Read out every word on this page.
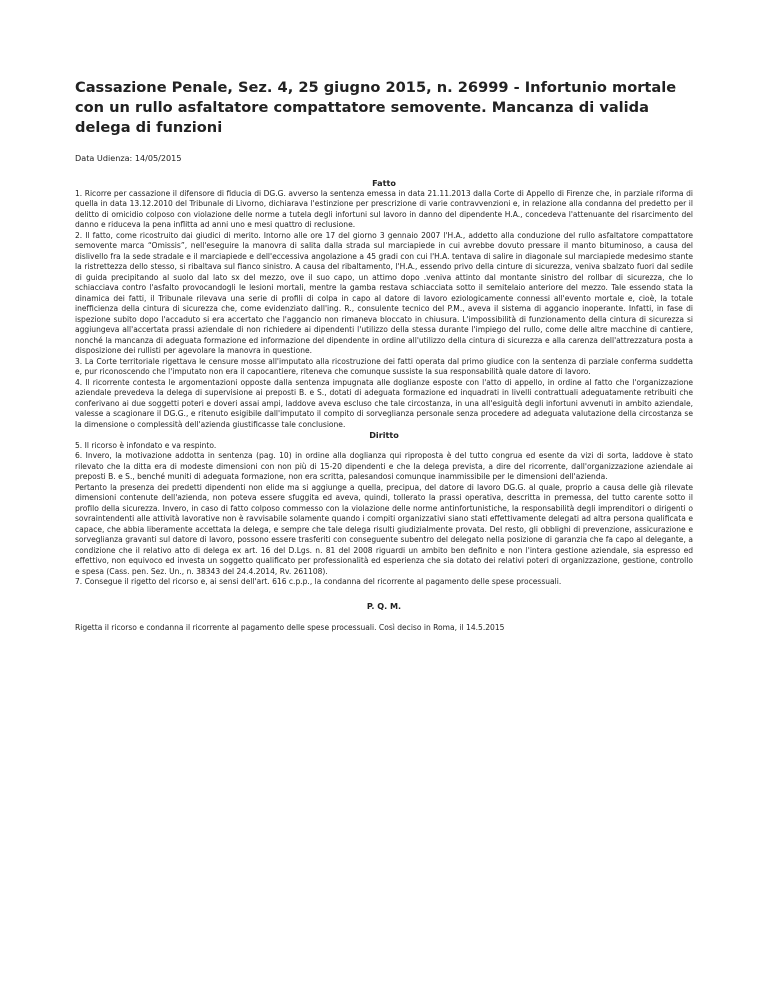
Cassazione Penale, Sez. 4, 25 giugno 2015, n. 26999 - Infortunio mortale con un rullo asfaltatore compattatore semovente. Mancanza di valida delega di funzioni
Data Udienza: 14/05/2015
Fatto

1. Ricorre per cassazione il difensore di fiducia di DG.G. avverso la sentenza emessa in data 21.11.2013 dalla Corte di Appello di Firenze che, in parziale riforma di quella in data 13.12.2010 del Tribunale di Livorno, dichiarava l'estinzione per prescrizione di varie contravvenzioni e, in relazione alla condanna del predetto per il delitto di omicidio colposo con violazione delle norme a tutela degli infortuni sul lavoro in danno del dipendente H.A., concedeva l'attenuante del risarcimento del danno e riduceva la pena inflitta ad anni uno e mesi quattro di reclusione.

2. Il fatto, come ricostruito dai giudici di merito. Intorno alle ore 17 del giorno 3 gennaio 2007 l'H.A., addetto alla conduzione del rullo asfaltatore compattatore semovente marca “Omissis”, nell'eseguire la manovra di salita dalla strada sul marciapiede in cui avrebbe dovuto pressare il manto bituminoso, a causa del dislivello fra la sede stradale e il marciapiede e dell'eccessiva angolazione a 45 gradi con cui l'H.A. tentava di salire in diagonale sul marciapiede medesimo stante la ristrettezza dello stesso, si ribaltava sul fianco sinistro. A causa del ribaltamento, l'H.A., essendo privo della cinture di sicurezza, veniva sbalzato fuori dal sedile di guida precipitando al suolo dal lato sx del mezzo, ove il suo capo, un attimo dopo .veniva attinto dal montante sinistro del rollbar di sicurezza, che lo schiacciava contro l'asfalto provocandogli le lesioni mortali, mentre la gamba restava schiacciata sotto il semitelaio anteriore del mezzo. Tale essendo stata la dinamica dei fatti, il Tribunale rilevava una serie di profili di colpa in capo al datore di lavoro eziologicamente connessi all'evento mortale e, cioè, la totale inefficienza della cintura di sicurezza che, come evidenziato dall'ing. R., consulente tecnico del P.M., aveva il sistema di aggancio inoperante. Infatti, in fase di ispezione subito dopo l'accaduto si era accertato che l'aggancio non rimaneva bloccato in chiusura. L'impossibilità di funzionamento della cintura di sicurezza si aggiungeva all'accertata prassi aziendale di non richiedere ai dipendenti l'utilizzo della stessa durante l'impiego del rullo, come delle altre macchine di cantiere, nonché la mancanza di adeguata formazione ed informazione del dipendente in ordine all'utilizzo della cintura di sicurezza e alla carenza dell'attrezzatura posta a disposizione dei rullisti per agevolare la manovra in questione.

3. La Corte territoriale rigettava le censure mosse all'imputato alla ricostruzione dei fatti operata dal primo giudice con la sentenza di parziale conferma suddetta e, pur riconoscendo che l'imputato non era il capocantiere, riteneva che comunque sussiste la sua responsabilità quale datore di lavoro.

4. Il ricorrente contesta le argomentazioni opposte dalla sentenza impugnata alle doglianze esposte con l'atto di appello, in ordine al fatto che l'organizzazione aziendale prevedeva la delega di supervisione ai preposti B. e S., dotati di adeguata formazione ed inquadrati in livelli contrattuali adeguatamente retribuiti che conferivano ai due soggetti poteri e doveri assai ampi, laddove aveva escluso che tale circostanza, in una all'esiguità degli infortuni avvenuti in ambito aziendale, valesse a scagionare il DG.G., e ritenuto esigibile dall'imputato il compito di sorveglianza personale senza procedere ad adeguata valutazione della circostanza se la dimensione o complessità dell'azienda giustificasse tale conclusione.

Diritto

5. Il ricorso è infondato e va respinto.

6. Invero, la motivazione addotta in sentenza (pag. 10) in ordine alla doglianza qui riproposta è del tutto congrua ed esente da vizi di sorta, laddove è stato rilevato che la ditta era di modeste dimensioni con non più di 15-20 dipendenti e che la delega prevista, a dire del ricorrente, dall'organizzazione aziendale ai preposti B. e S., benché muniti di adeguata formazione, non era scritta, palesandosi comunque inammissibile per le dimensioni dell'azienda.

Pertanto la presenza dei predetti dipendenti non elide ma si aggiunge a quella, precipua, del datore di lavoro DG.G. al quale, proprio a causa delle già rilevate dimensioni contenute dell'azienda, non poteva essere sfuggita ed aveva, quindi, tollerato la prassi operativa, descritta in premessa, del tutto carente sotto il profilo della sicurezza. Invero, in caso di fatto colposo commesso con la violazione delle norme antinfortunistiche, la responsabilità degli imprenditori o dirigenti o sovraintendenti alle attività lavorative non è ravvisabile solamente quando i compiti organizzativi siano stati effettivamente delegati ad altra persona qualificata e capace, che abbia liberamente accettata la delega, e sempre che tale delega risulti giudizialmente provata. Del resto, gli obblighi di prevenzione, assicurazione e sorveglianza gravanti sul datore di lavoro, possono essere trasferiti con conseguente subentro del delegato nella posizione di garanzia che fa capo al delegante, a condizione che il relativo atto di delega ex art. 16 del D.Lgs. n. 81 del 2008 riguardi un ambito ben definito e non l'intera gestione aziendale, sia espresso ed effettivo, non equivoco ed investa un soggetto qualificato per professionalità ed esperienza che sia dotato dei relativi poteri di organizzazione, gestione, controllo e spesa (Cass. pen. Sez. Un., n. 38343 del 24.4.2014, Rv. 261108).

7. Consegue il rigetto del ricorso e, ai sensi dell'art. 616 c.p.p., la condanna del ricorrente al pagamento delle spese processuali.

P. Q. M.

Rigetta il ricorso e condanna il ricorrente al pagamento delle spese processuali. Così deciso in Roma, il 14.5.2015
